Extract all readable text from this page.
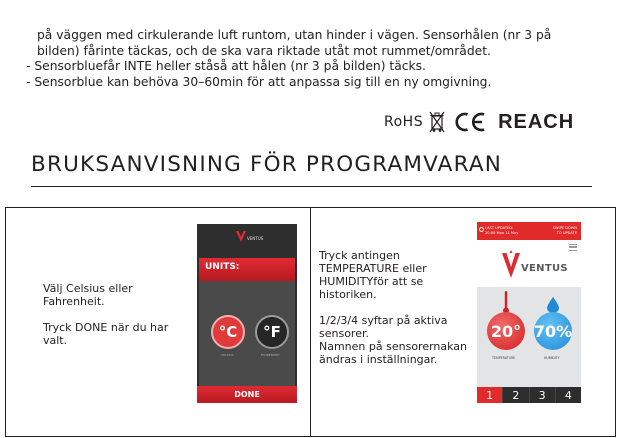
på väggen med cirkulerande luft runtom, utan hinder i vägen. Sensorhålen (nr 3 på

bilden) fårinte täckas, och de ska vara riktade utåt mot rummet/området.

- Sensorbluefår INTE heller ståså att hålen (nr 3 på bilden) täcks.

- Sensorblue kan behöva 30–60min för att anpassa sig till en ny omgivning.

RoHS	REACH
BRUKSANVISNING FÖR PROGRAMVARAN

Välj Celsius eller Fahrenheit.

Tryck DONE när du har valt.

VENTUS
UNITS:
°C	°F
CELSIUS	FAHRENHEIT
DONE

Tryck antingen TEMPERATURE eller HUMIDITYför att se historiken.

1/2/3/4 syftar på aktiva sensorer.
Namnen på sensorernakan ändras i inställningar.
LAST UPDATED:
20:00 Mon 11 May
SWIPE DOWN
TO UPDATE
VENTUS
20° 70%
TEMPERATURE	HUMIDITY
1	2	3	4
